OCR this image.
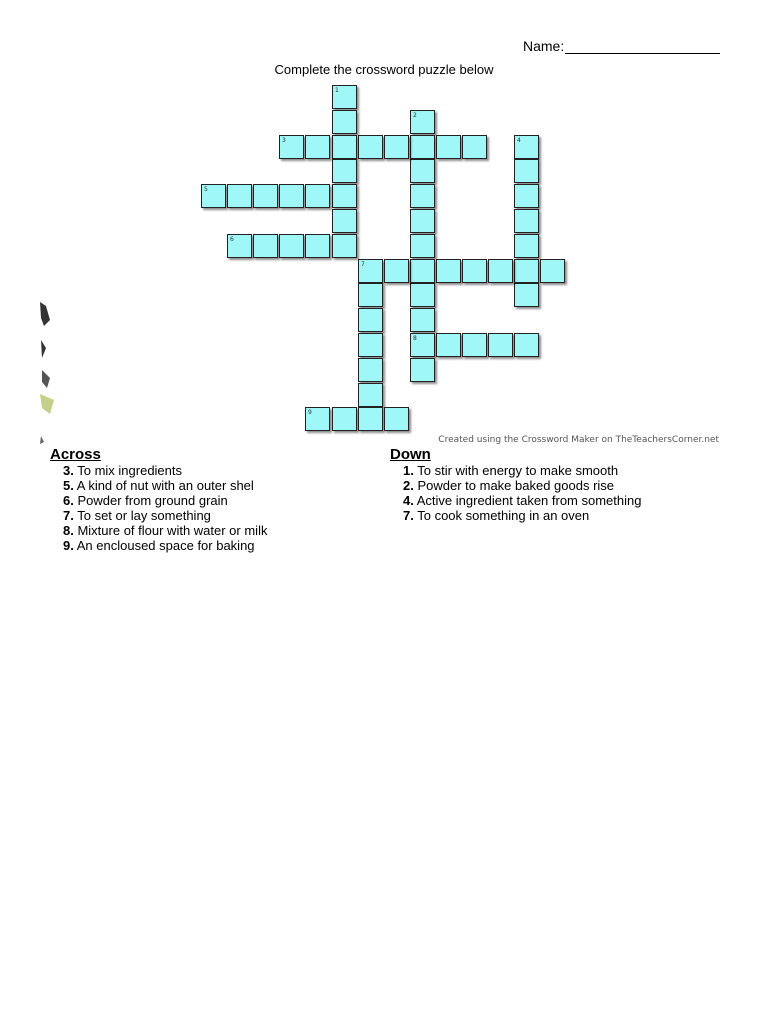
Name:
Complete the crossword puzzle below
1
2
8
3	4
5
6
7
9
Created using the Crossword Maker on TheTeachersCorner.net
Across
3. To mix ingredients
5. A kind of nut with an outer shel
6. Powder from ground grain
7. To set or lay something
8. Mixture of flour with water or milk
9. An encloused space for baking
Down
1. To stir with energy to make smooth
2. Powder to make baked goods rise
4. Active ingredient taken from something
7. To cook something in an oven
